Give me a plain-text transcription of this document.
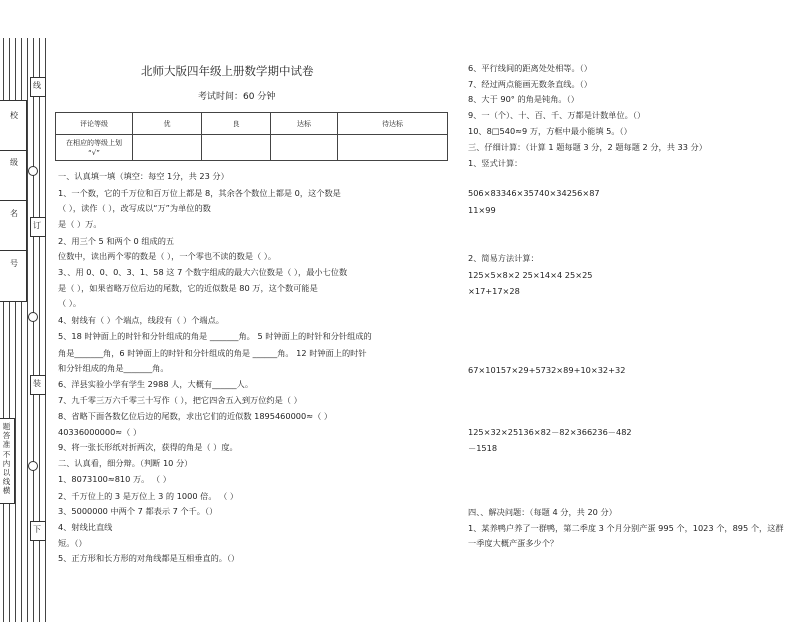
校
级
名
号
题
答
准
不
内
以
线
横
线
订
装
下
北师大版四年级上册数学期中试卷
考试时间：60 分钟
评论等级	优	良	达标	待达标
在相应的等级上划
“√”				
一、认真填一填（填空：每空 1分，共 23 分）
1、一个数，它的千万位和百万位上都是 8，其余各个数位上都是 0，这个数是
（ ），读作（ ），改写成以“万”为单位的数
是（ ）万。
2、用三个 5 和两个 0 组成的五
位数中，读出两个零的数是（ ），一个零也不读的数是（ ）。
3、、用 0、0、0、3、1、58 这 7 个数字组成的最大六位数是（ ），最小七位数
是（ ），如果省略万位后边的尾数，它的近似数是 80 万，这个数可能是
（ ）。
4、射线有（ ）个端点，线段有（ ）个端点。
5、18 时钟面上的时针和分针组成的角是 _______角。 5 时钟面上的时针和分针组成的
角是_______角，6 时钟面上的时针和分针组成的角是 ______角。 12 时钟面上的时针
和分针组成的角是_______角。
6、洋县实验小学有学生 2988 人，大概有______人。
7、九千零三万六千零三十写作（ ），把它四舍五入到万位约是（ ）
8、省略下面各数亿位后边的尾数，求出它们的近似数 1895460000≈（ ）
40336000000≈（ ）
9、将一张长形纸对折两次，获得的角是（ ）度。
二、认真看，细分辩。（判断 10 分）
1、8073100≈810 万。 （ ）
2、千万位上的 3 是万位上 3 的 1000 倍。 （ ）
3、5000000 中两个 7 都表示 7 个千。（）
4、射线比直线
短。（）
5、正方形和长方形的对角线都是互相垂直的。（）
6、平行线间的距离处处相等。（）
7、经过两点能画无数条直线。（）
8、大于 90° 的角是钝角。（）
9、一（个）、十、百、千、万都是计数单位。（）
10、8□540≈9 万，方框中最小能填 5。（）
三、仔细计算：（计算 1 题每题 3 分，2 题每题 2 分，共 33 分）
1、竖式计算：
506×83346×35740×34256×87
11×99
2、简易方法计算：
125×5×8×2 25×14×4 25×25
×17+17×28
67×10157×29+5732×89+10×32+32
125×32×25136×82－82×366236－482
－1518
四、、解决问题：（每题 4 分，共 20 分）
1、某养鸭户养了一群鸭，第二季度 3 个月分别产蛋 995 个，1023 个，895 个，这群
一季度大概产蛋多少个？
